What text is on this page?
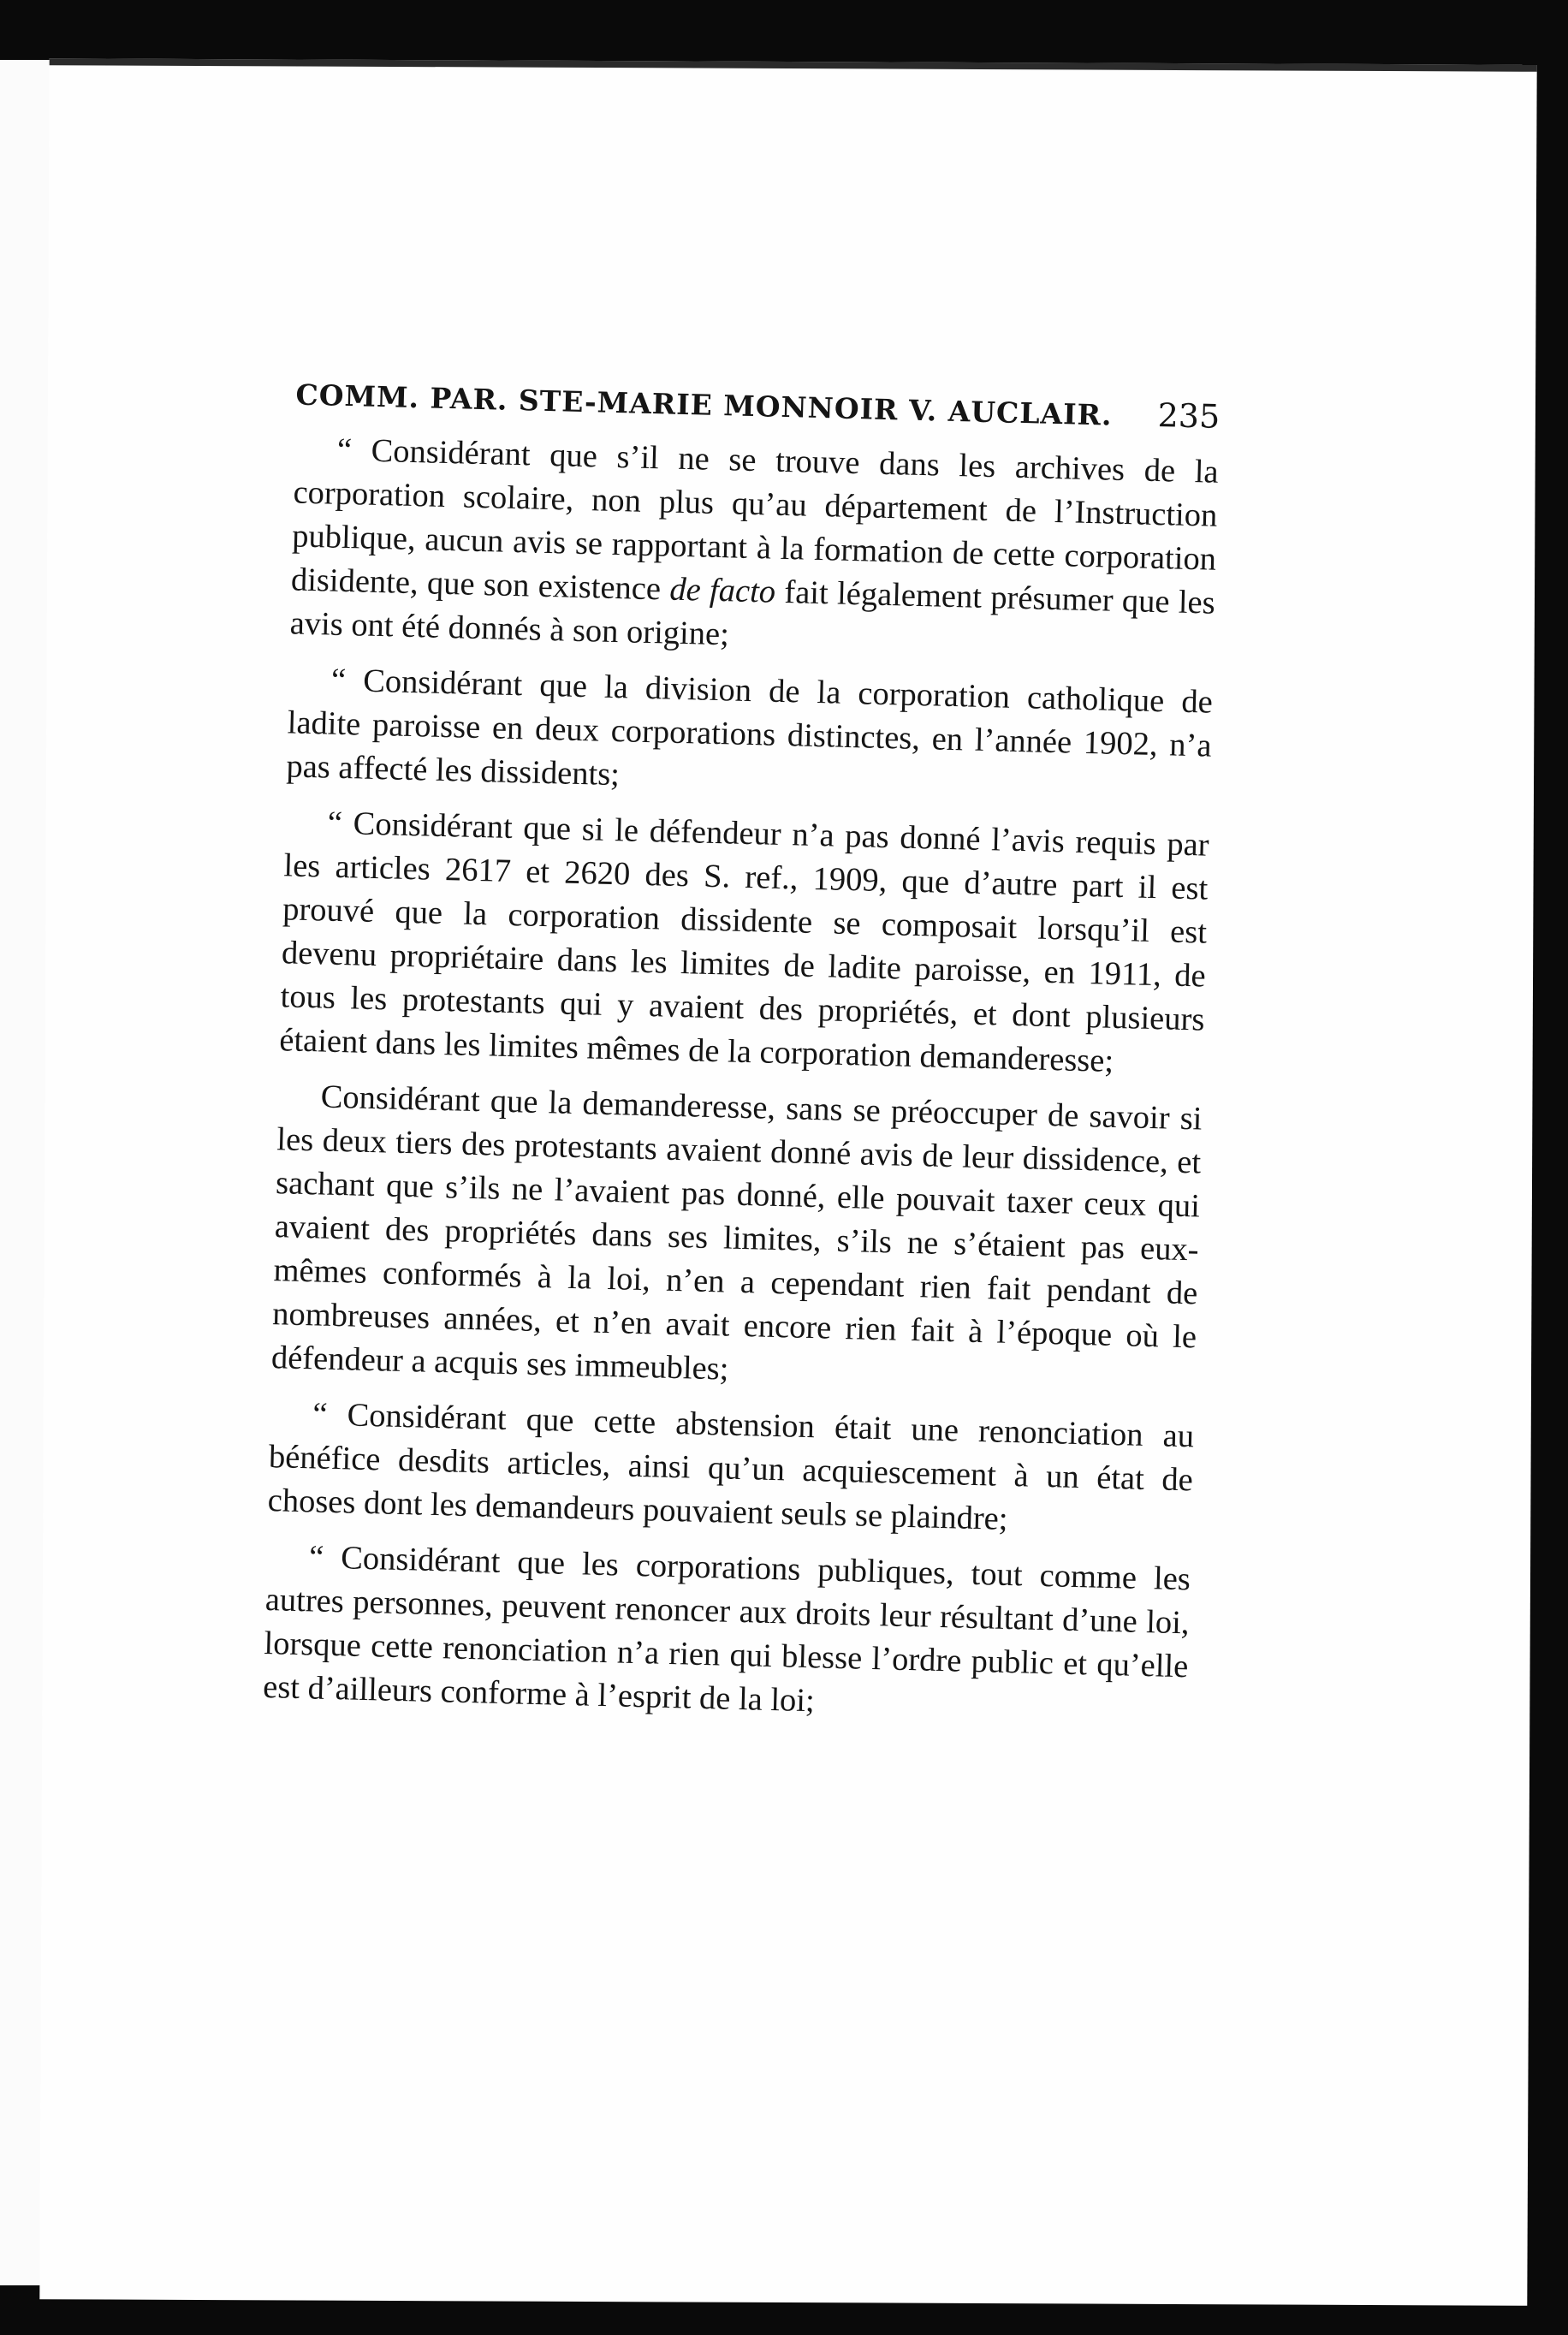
COMM. PAR. STE-MARIE MONNOIR V. AUCLAIR. 235

“ Considérant que s’il ne se trouve dans les archives de la corporation scolaire, non plus qu’au département de l’Instruction publique, aucun avis se rapportant à la formation de cette corporation disidente, que son existence de facto fait légalement présumer que les avis ont été donnés à son origine;

“ Considérant que la division de la corporation catholique de ladite paroisse en deux corporations distinctes, en l’année 1902, n’a pas affecté les dissidents;

“ Considérant que si le défendeur n’a pas donné l’avis requis par les articles 2617 et 2620 des S. ref., 1909, que d’autre part il est prouvé que la corporation dissidente se composait lorsqu’il est devenu propriétaire dans les limites de ladite paroisse, en 1911, de tous les protestants qui y avaient des propriétés, et dont plusieurs étaient dans les limites mêmes de la corporation demanderesse;

Considérant que la demanderesse, sans se préoccuper de savoir si les deux tiers des protestants avaient donné avis de leur dissidence, et sachant que s’ils ne l’avaient pas donné, elle pouvait taxer ceux qui avaient des propriétés dans ses limites, s’ils ne s’étaient pas eux-mêmes conformés à la loi, n’en a cependant rien fait pendant de nombreuses années, et n’en avait encore rien fait à l’époque où le défendeur a acquis ses immeubles;

“ Considérant que cette abstension était une renonciation au bénéfice desdits articles, ainsi qu’un acquiescement à un état de choses dont les demandeurs pouvaient seuls se plaindre;

“ Considérant que les corporations publiques, tout comme les autres personnes, peuvent renoncer aux droits leur résultant d’une loi, lorsque cette renonciation n’a rien qui blesse l’ordre public et qu’elle est d’ailleurs conforme à l’esprit de la loi;
